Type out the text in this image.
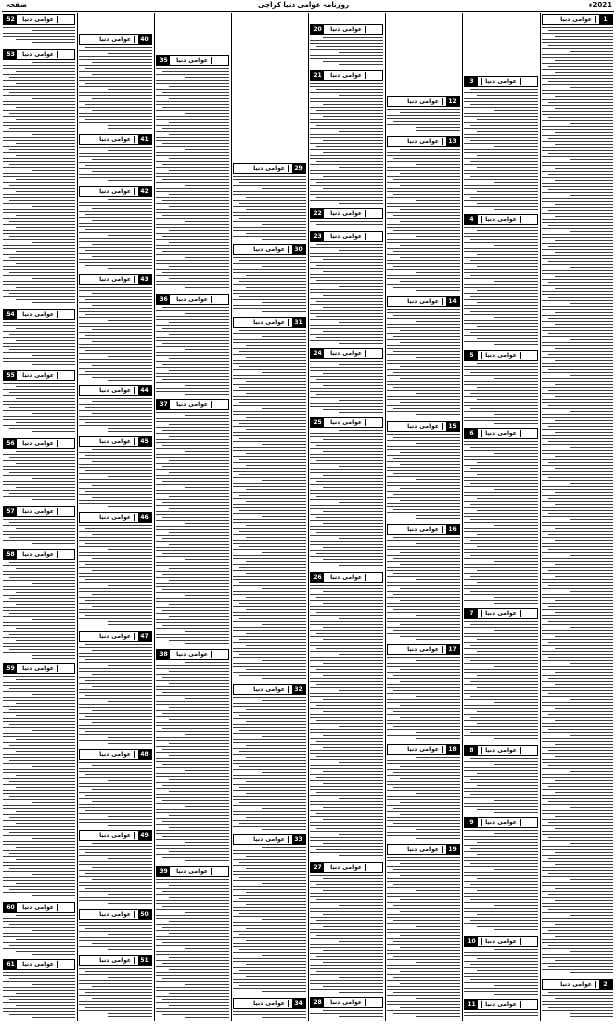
2021ء
روزنامہ عوامی دنیا کراچی
صفحہ
1
عوامی دنیا
2
عوامی دنیا
3	عوامی دنیا
4	عوامی دنیا
5	عوامی دنیا
6	عوامی دنیا
7	عوامی دنیا
8	عوامی دنیا
9	عوامی دنیا
10	عوامی دنیا
11	عوامی دنیا
12
عوامی دنیا
13
عوامی دنیا
14
عوامی دنیا
15
عوامی دنیا
16
عوامی دنیا
17
عوامی دنیا
18
عوامی دنیا
19
عوامی دنیا
20	عوامی دنیا
21	عوامی دنیا
22	عوامی دنیا
23	عوامی دنیا
24	عوامی دنیا
25	عوامی دنیا
26	عوامی دنیا
27	عوامی دنیا
28	عوامی دنیا
29
عوامی دنیا
30
عوامی دنیا
31
عوامی دنیا
32
عوامی دنیا
33
عوامی دنیا
34
عوامی دنیا
35	عوامی دنیا
36	عوامی دنیا
37	عوامی دنیا
38	عوامی دنیا
39	عوامی دنیا
40
عوامی دنیا
41
عوامی دنیا
42
عوامی دنیا
43
عوامی دنیا
44
عوامی دنیا
45
عوامی دنیا
46
عوامی دنیا
47
عوامی دنیا
48
عوامی دنیا
49
عوامی دنیا
50
عوامی دنیا
51
عوامی دنیا
52	عوامی دنیا
53	عوامی دنیا
54	عوامی دنیا
55	عوامی دنیا
56	عوامی دنیا
57	عوامی دنیا
58	عوامی دنیا
59	عوامی دنیا
60	عوامی دنیا
61	عوامی دنیا
